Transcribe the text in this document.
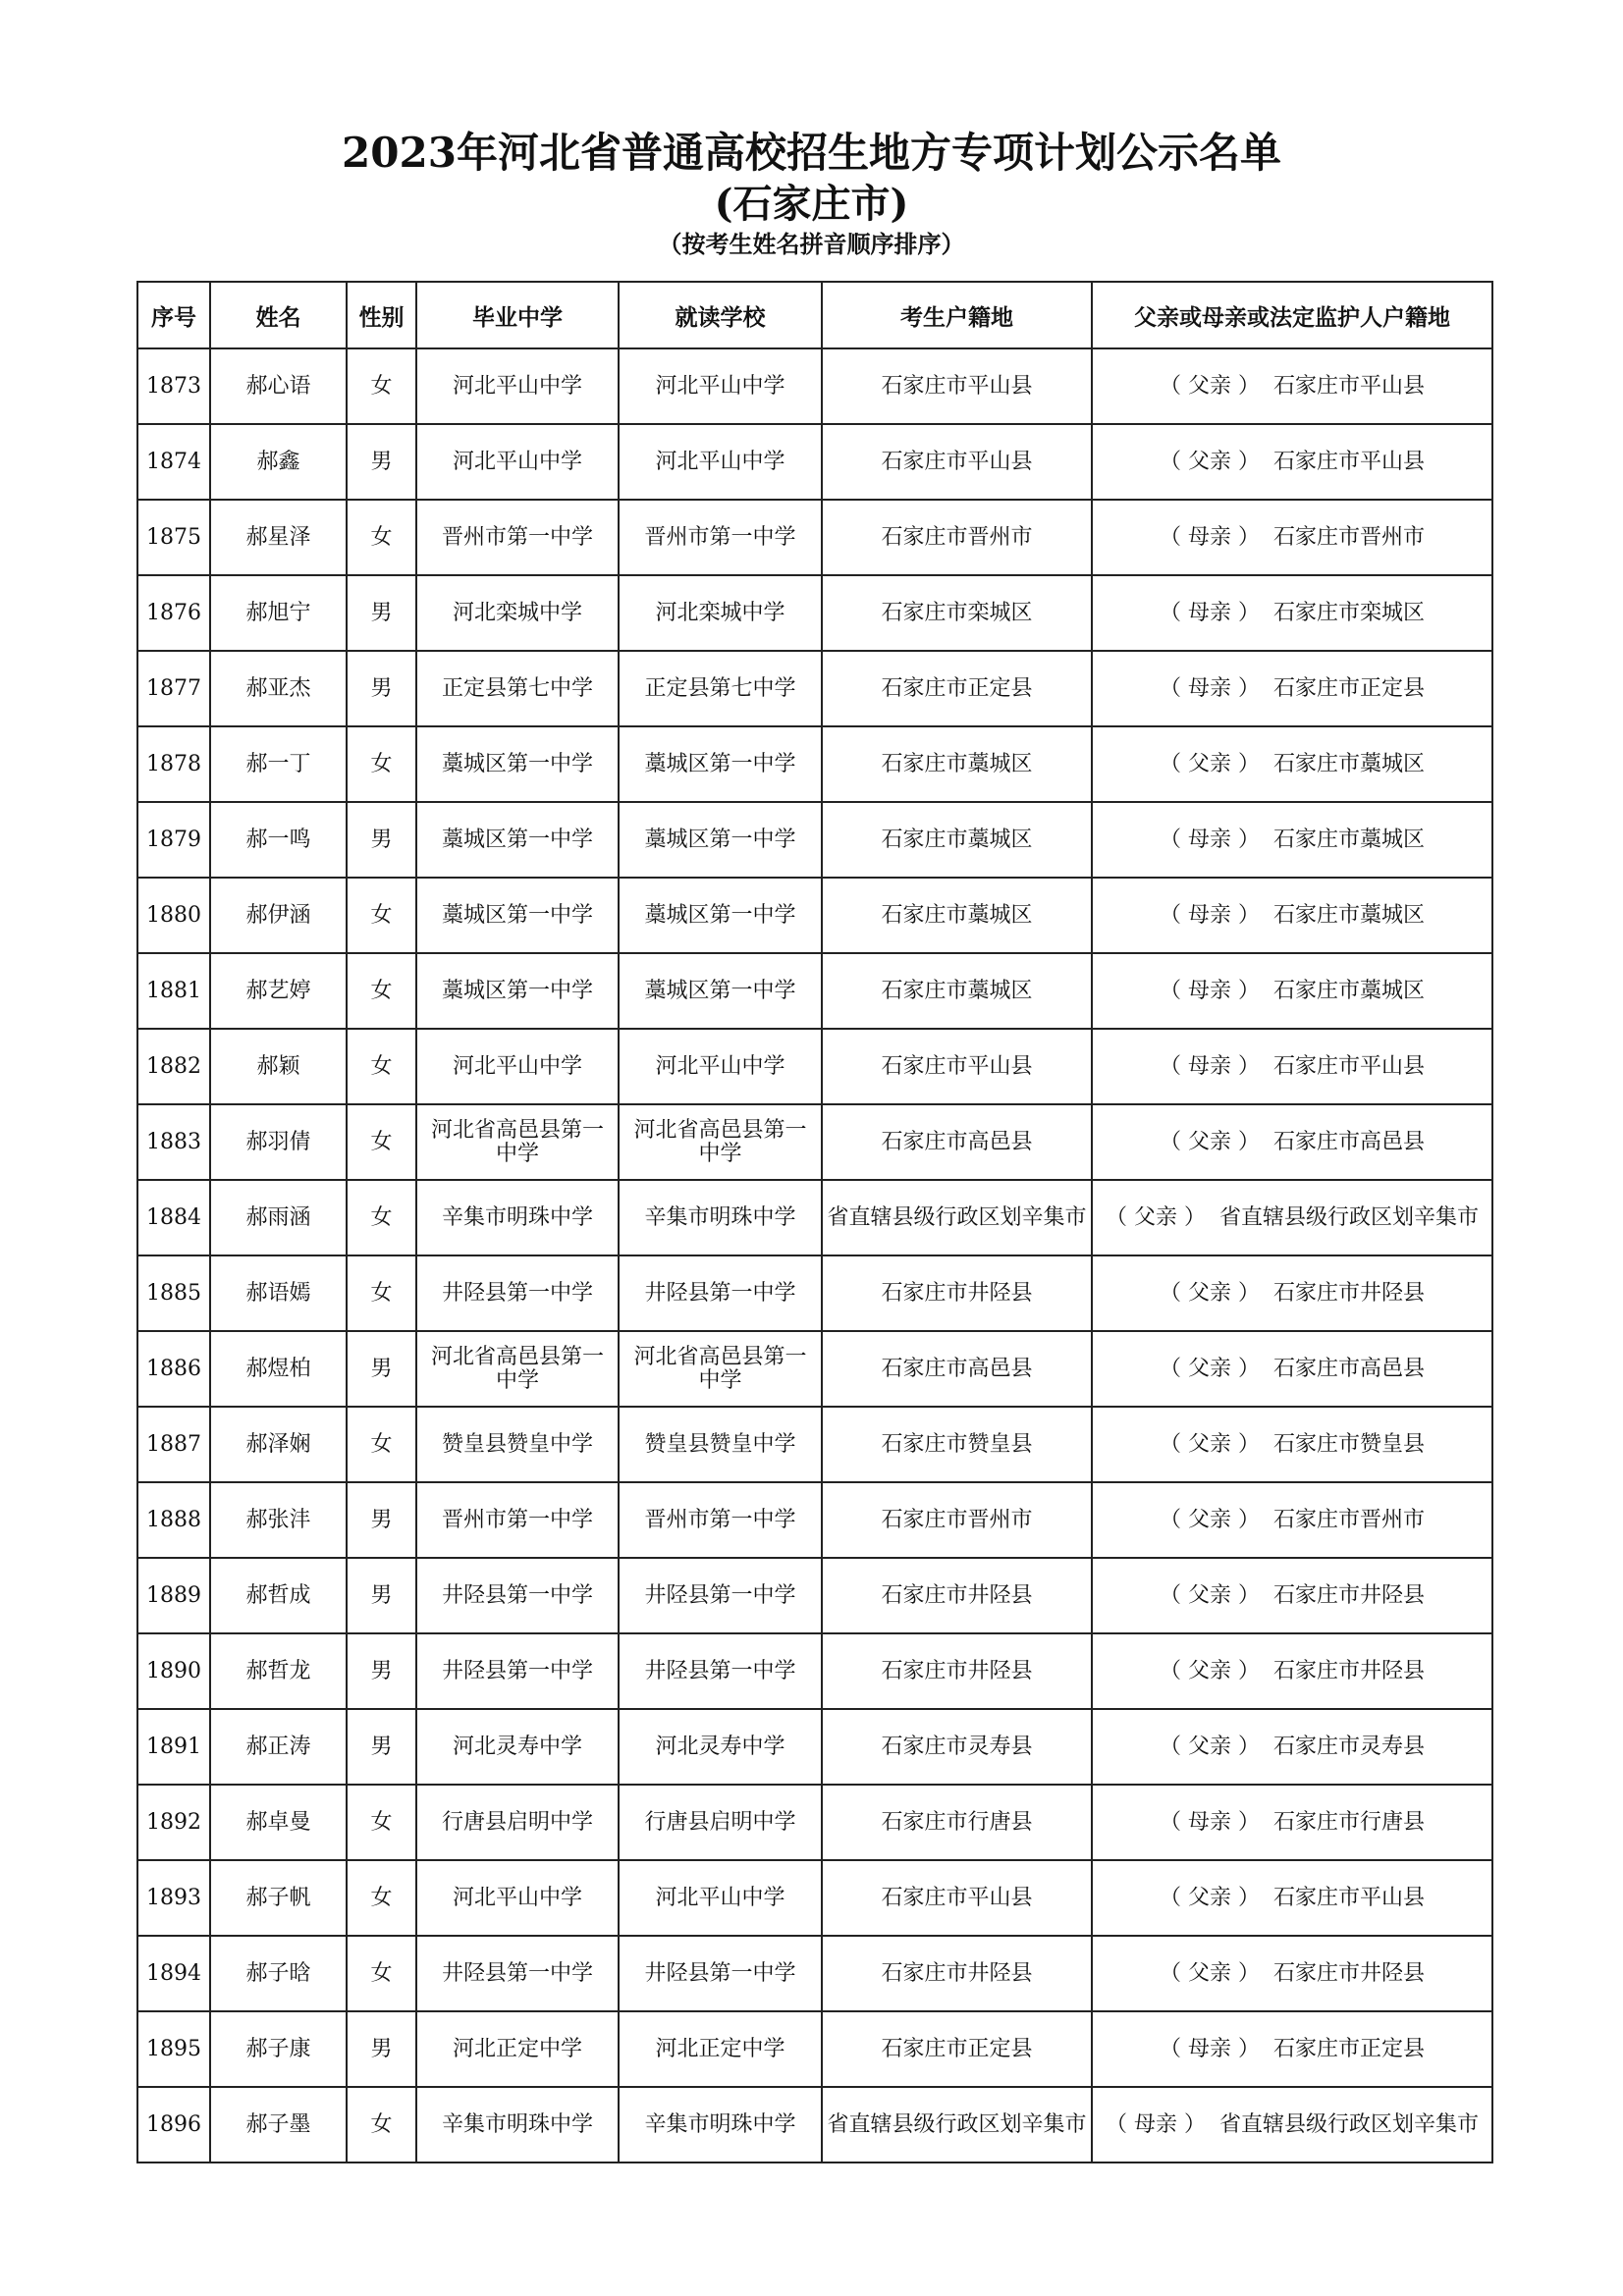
2023年河北省普通高校招生地方专项计划公示名单
(石家庄市)
（按考生姓名拼音顺序排序）
序号	姓名	性别	毕业中学	就读学校	考生户籍地	父亲或母亲或法定监护人户籍地
1873	郝心语	女	河北平山中学	河北平山中学	石家庄市平山县	（ 父亲 ） 石家庄市平山县
1874	郝鑫	男	河北平山中学	河北平山中学	石家庄市平山县	（ 父亲 ） 石家庄市平山县
1875	郝星泽	女	晋州市第一中学	晋州市第一中学	石家庄市晋州市	（ 母亲 ） 石家庄市晋州市
1876	郝旭宁	男	河北栾城中学	河北栾城中学	石家庄市栾城区	（ 母亲 ） 石家庄市栾城区
1877	郝亚杰	男	正定县第七中学	正定县第七中学	石家庄市正定县	（ 母亲 ） 石家庄市正定县
1878	郝一丁	女	藁城区第一中学	藁城区第一中学	石家庄市藁城区	（ 父亲 ） 石家庄市藁城区
1879	郝一鸣	男	藁城区第一中学	藁城区第一中学	石家庄市藁城区	（ 母亲 ） 石家庄市藁城区
1880	郝伊涵	女	藁城区第一中学	藁城区第一中学	石家庄市藁城区	（ 母亲 ） 石家庄市藁城区
1881	郝艺婷	女	藁城区第一中学	藁城区第一中学	石家庄市藁城区	（ 母亲 ） 石家庄市藁城区
1882	郝颖	女	河北平山中学	河北平山中学	石家庄市平山县	（ 母亲 ） 石家庄市平山县
1883	郝羽倩	女	河北省高邑县第一中学	河北省高邑县第一中学	石家庄市高邑县	（ 父亲 ） 石家庄市高邑县
1884	郝雨涵	女	辛集市明珠中学	辛集市明珠中学	省直辖县级行政区划辛集市	（ 父亲 ） 省直辖县级行政区划辛集市
1885	郝语嫣	女	井陉县第一中学	井陉县第一中学	石家庄市井陉县	（ 父亲 ） 石家庄市井陉县
1886	郝煜柏	男	河北省高邑县第一中学	河北省高邑县第一中学	石家庄市高邑县	（ 父亲 ） 石家庄市高邑县
1887	郝泽娴	女	赞皇县赞皇中学	赞皇县赞皇中学	石家庄市赞皇县	（ 父亲 ） 石家庄市赞皇县
1888	郝张沣	男	晋州市第一中学	晋州市第一中学	石家庄市晋州市	（ 父亲 ） 石家庄市晋州市
1889	郝哲成	男	井陉县第一中学	井陉县第一中学	石家庄市井陉县	（ 父亲 ） 石家庄市井陉县
1890	郝哲龙	男	井陉县第一中学	井陉县第一中学	石家庄市井陉县	（ 父亲 ） 石家庄市井陉县
1891	郝正涛	男	河北灵寿中学	河北灵寿中学	石家庄市灵寿县	（ 父亲 ） 石家庄市灵寿县
1892	郝卓曼	女	行唐县启明中学	行唐县启明中学	石家庄市行唐县	（ 母亲 ） 石家庄市行唐县
1893	郝子帆	女	河北平山中学	河北平山中学	石家庄市平山县	（ 父亲 ） 石家庄市平山县
1894	郝子晗	女	井陉县第一中学	井陉县第一中学	石家庄市井陉县	（ 父亲 ） 石家庄市井陉县
1895	郝子康	男	河北正定中学	河北正定中学	石家庄市正定县	（ 母亲 ） 石家庄市正定县
1896	郝子墨	女	辛集市明珠中学	辛集市明珠中学	省直辖县级行政区划辛集市	（ 母亲 ） 省直辖县级行政区划辛集市
